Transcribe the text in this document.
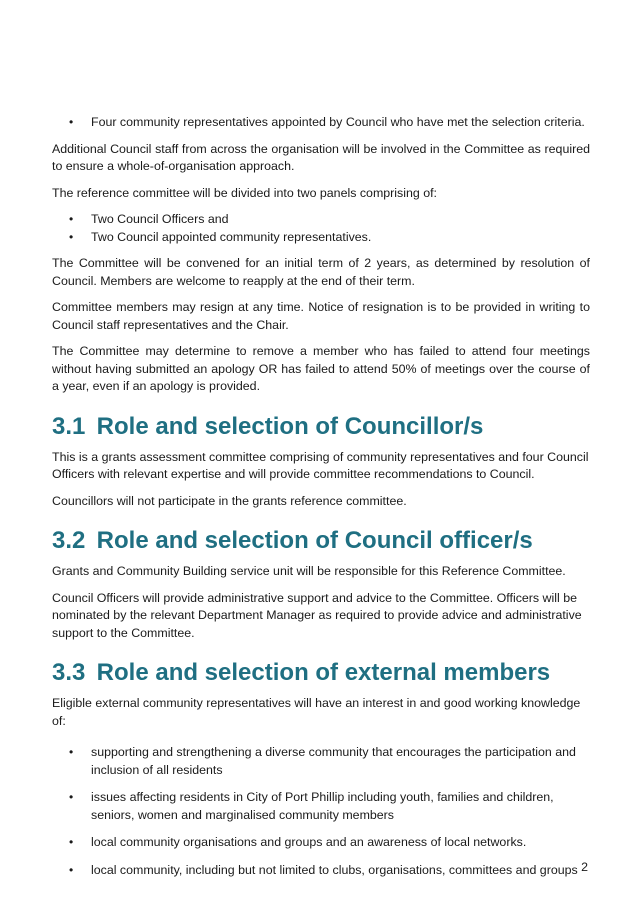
• Four community representatives appointed by Council who have met the selection criteria.

Additional Council staff from across the organisation will be involved in the Committee as required to ensure a whole-of-organisation approach.

The reference committee will be divided into two panels comprising of:

• Two Council Officers and
• Two Council appointed community representatives.

The Committee will be convened for an initial term of 2 years, as determined by resolution of Council. Members are welcome to reapply at the end of their term.

Committee members may resign at any time. Notice of resignation is to be provided in writing to Council staff representatives and the Chair.

The Committee may determine to remove a member who has failed to attend four meetings without having submitted an apology OR has failed to attend 50% of meetings over the course of a year, even if an apology is provided.

3.1 Role and selection of Councillor/s

This is a grants assessment committee comprising of community representatives and four Council Officers with relevant expertise and will provide committee recommendations to Council.

Councillors will not participate in the grants reference committee.

3.2 Role and selection of Council officer/s

Grants and Community Building service unit will be responsible for this Reference Committee.

Council Officers will provide administrative support and advice to the Committee. Officers will be nominated by the relevant Department Manager as required to provide advice and administrative support to the Committee.

3.3 Role and selection of external members

Eligible external community representatives will have an interest in and good working knowledge of:

• supporting and strengthening a diverse community that encourages the participation and inclusion of all residents
• issues affecting residents in City of Port Phillip including youth, families and children, seniors, women and marginalised community members
• local community organisations and groups and an awareness of local networks.
• local community, including but not limited to clubs, organisations, committees and groups 2
